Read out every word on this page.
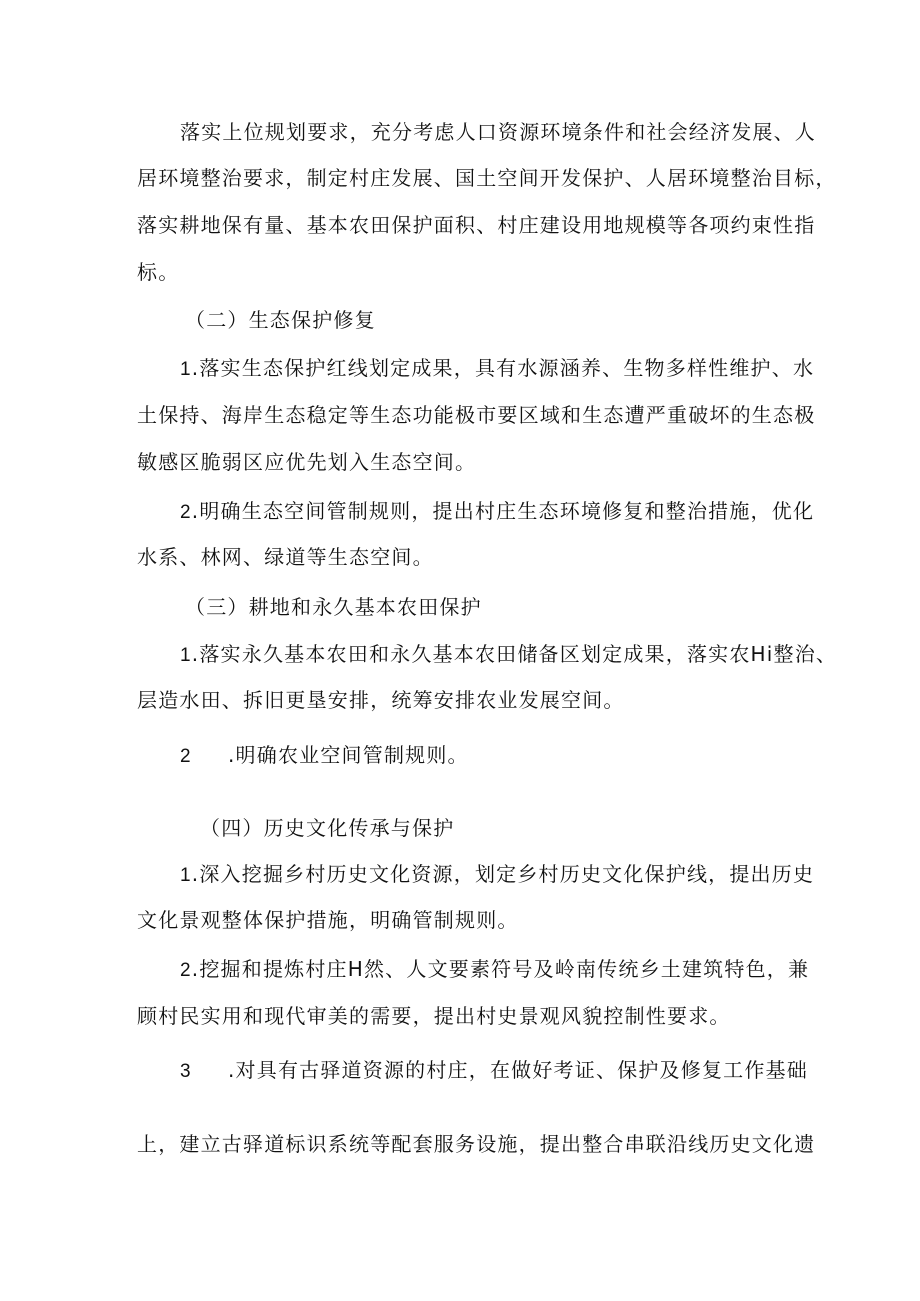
落实上位规划要求，充分考虑人口资源环境条件和社会经济发展、人
居环境整治要求，制定村庄发展、国土空间开发保护、人居环境整治目标，
落实耕地保有量、基本农田保护面积、村庄建设用地规模等各项约束性指
标。
（二）生态保护修复
1.落实生态保护红线划定成果，具有水源涵养、生物多样性维护、水
土保持、海岸生态稳定等生态功能极市要区域和生态遭严重破坏的生态极
敏感区脆弱区应优先划入生态空间。
2.明确生态空间管制规则，提出村庄生态环境修复和整治措施，优化
水系、林网、绿道等生态空间。
（三）耕地和永久基本农田保护
1.落实永久基本农田和永久基本农田储备区划定成果，落实农Hi整治、
层造水田、拆旧更垦安排，统筹安排农业发展空间。
2 .明确农业空间管制规则。
（四）历史文化传承与保护
1.深入挖掘乡村历史文化资源，划定乡村历史文化保护线，提出历史
文化景观整体保护措施，明确管制规则。
2.挖掘和提炼村庄H然、人文要素符号及岭南传统乡土建筑特色，兼
顾村民实用和现代审美的需要，提出村史景观风貌控制性要求。
3 .对具有古驿道资源的村庄，在做好考证、保护及修复工作基础
上，建立古驿道标识系统等配套服务设施，提出整合串联沿线历史文化遗
